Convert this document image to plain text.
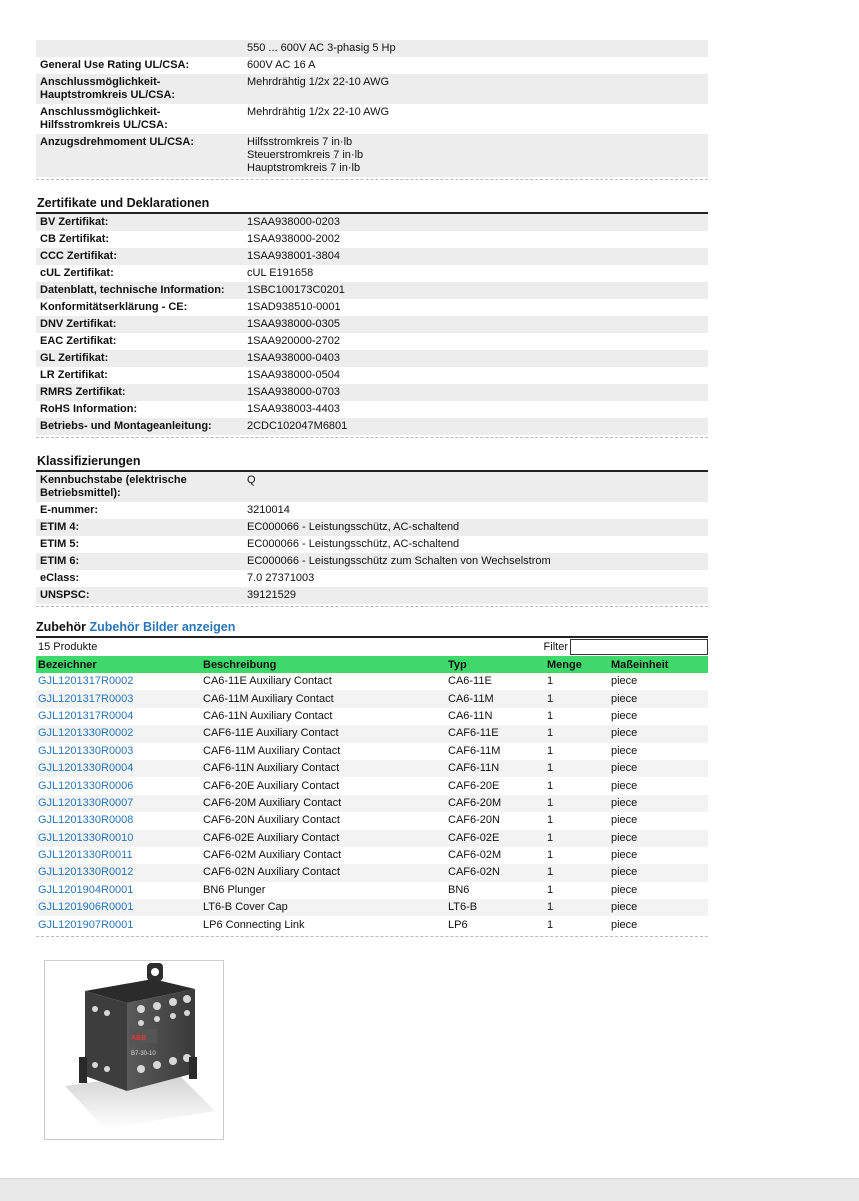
550 ... 600V AC 3-phasig 5 Hp
General Use Rating UL/CSA:	600V AC 16 A
Anschlussmöglichkeit-
Hauptstromkreis UL/CSA:
Mehrdrähtig 1/2x 22-10 AWG
Anschlussmöglichkeit-
Hilfsstromkreis UL/CSA:
Mehrdrähtig 1/2x 22-10 AWG
Anzugsdrehmoment UL/CSA:	Hilfsstromkreis 7 in·lb
Steuerstromkreis 7 in·lb
Hauptstromkreis 7 in·lb
Zertifikate und Deklarationen
BV Zertifikat:	1SAA938000-0203
CB Zertifikat:	1SAA938000-2002
CCC Zertifikat:	1SAA938001-3804
cUL Zertifikat:	cUL E191658
Datenblatt, technische Information:	1SBC100173C0201
Konformitätserklärung - CE:	1SAD938510-0001
DNV Zertifikat:	1SAA938000-0305
EAC Zertifikat:	1SAA920000-2702
GL Zertifikat:	1SAA938000-0403
LR Zertifikat:	1SAA938000-0504
RMRS Zertifikat:	1SAA938000-0703
RoHS Information:	1SAA938003-4403
Betriebs- und Montageanleitung:	2CDC102047M6801
Klassifizierungen
Kennbuchstabe (elektrische
Betriebsmittel):
Q
E-nummer:	3210014
ETIM 4:	EC000066 - Leistungsschütz, AC-schaltend
ETIM 5:	EC000066 - Leistungsschütz, AC-schaltend
ETIM 6:	EC000066 - Leistungsschütz zum Schalten von Wechselstrom
eClass:	7.0 27371003
UNSPSC:	39121529
Zubehör Zubehör Bilder anzeigen
15 Produkte	Filter
Bezeichner	Beschreibung	Typ	Menge	Maßeinheit
GJL1201317R0002	CA6-11E Auxiliary Contact	CA6-11E	1	piece
GJL1201317R0003	CA6-11M Auxiliary Contact	CA6-11M	1	piece
GJL1201317R0004	CA6-11N Auxiliary Contact	CA6-11N	1	piece
GJL1201330R0002	CAF6-11E Auxiliary Contact	CAF6-11E	1	piece
GJL1201330R0003	CAF6-11M Auxiliary Contact	CAF6-11M	1	piece
GJL1201330R0004	CAF6-11N Auxiliary Contact	CAF6-11N	1	piece
GJL1201330R0006	CAF6-20E Auxiliary Contact	CAF6-20E	1	piece
GJL1201330R0007	CAF6-20M Auxiliary Contact	CAF6-20M	1	piece
GJL1201330R0008	CAF6-20N Auxiliary Contact	CAF6-20N	1	piece
GJL1201330R0010	CAF6-02E Auxiliary Contact	CAF6-02E	1	piece
GJL1201330R0011	CAF6-02M Auxiliary Contact	CAF6-02M	1	piece
GJL1201330R0012	CAF6-02N Auxiliary Contact	CAF6-02N	1	piece
GJL1201904R0001	BN6 Plunger	BN6	1	piece
GJL1201906R0001	LT6-B Cover Cap	LT6-B	1	piece
GJL1201907R0001	LP6 Connecting Link	LP6	1	piece
ABB
B7-30-10
